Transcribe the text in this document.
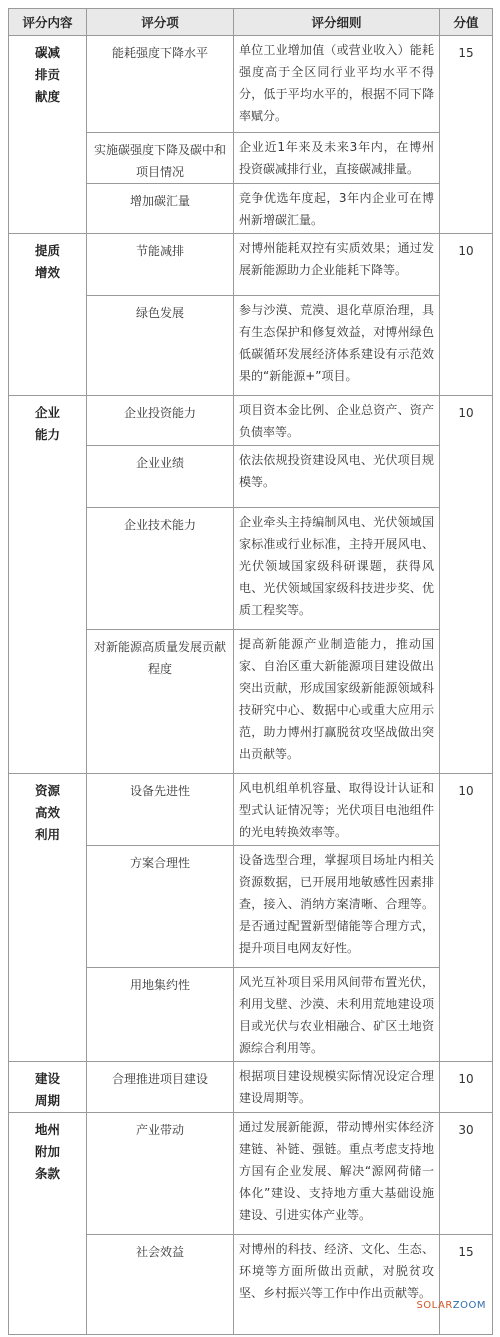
评分内容	评分项	评分细则	分值

碳减
排贡
献度	能耗强度下降水平	单位工业增加值（或营业收入）能耗强度高于全区同行业平均水平不得分，低于平均水平的，根据不同下降率赋分。	15
	实施碳强度下降及碳中和项目情况	企业近1年来及未来3年内，在博州投资碳减排行业，直接碳减排量。	
	增加碳汇量	竞争优选年度起，3年内企业可在博州新增碳汇量。	

提质
增效	节能减排	对博州能耗双控有实质效果；通过发展新能源助力企业能耗下降等。	10
	绿色发展	参与沙漠、荒漠、退化草原治理，具有生态保护和修复效益，对博州绿色低碳循环发展经济体系建设有示范效果的“新能源+”项目。	

企业
能力	企业投资能力	项目资本金比例、企业总资产、资产负债率等。	10
	企业业绩	依法依规投资建设风电、光伏项目规模等。	
	企业技术能力	企业牵头主持编制风电、光伏领域国家标准或行业标准，主持开展风电、光伏领域国家级科研课题，获得风电、光伏领域国家级科技进步奖、优质工程奖等。	
	对新能源高质量发展贡献程度	提高新能源产业制造能力，推动国家、自治区重大新能源项目建设做出突出贡献，形成国家级新能源领域科技研究中心、数据中心或重大应用示范，助力博州打赢脱贫攻坚战做出突出贡献等。	

资源
高效
利用	设备先进性	风电机组单机容量、取得设计认证和型式认证情况等；光伏项目电池组件的光电转换效率等。	10
	方案合理性	设备选型合理，掌握项目场址内相关资源数据，已开展用地敏感性因素排查，接入、消纳方案清晰、合理等。是否通过配置新型储能等合理方式，提升项目电网友好性。	
	用地集约性	风光互补项目采用风间带布置光伏，利用戈壁、沙漠、未利用荒地建设项目或光伏与农业相融合、矿区土地资源综合利用等。	

建设
周期	合理推进项目建设	根据项目建设规模实际情况设定合理建设周期等。	10

地州
附加
条款	产业带动	通过发展新能源，带动博州实体经济建链、补链、强链。重点考虑支持地方国有企业发展、解决“源网荷储一体化”建设、支持地方重大基础设施建设、引进实体产业等。	30
	社会效益	对博州的科技、经济、文化、生态、环境等方面所做出贡献，对脱贫攻坚、乡村振兴等工作中作出贡献等。	15
SOLARZOOM
